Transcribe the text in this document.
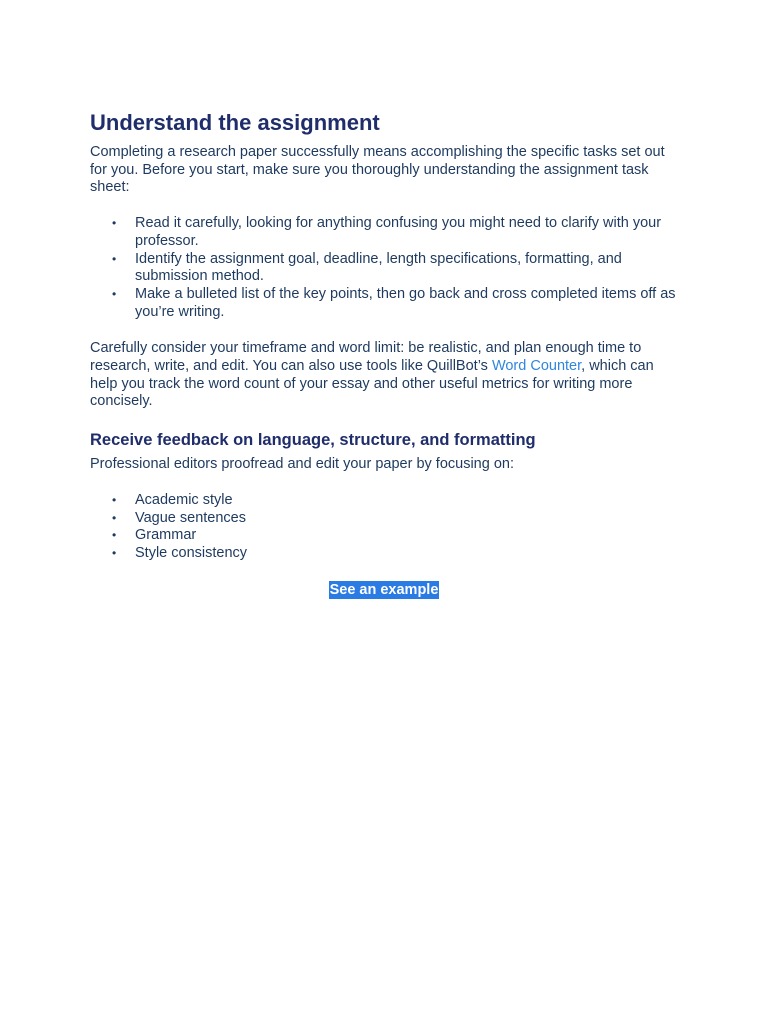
Understand the assignment

Completing a research paper successfully means accomplishing the specific tasks set out for you. Before you start, make sure you thoroughly understanding the assignment task sheet:

• Read it carefully, looking for anything confusing you might need to clarify with your professor.
• Identify the assignment goal, deadline, length specifications, formatting, and submission method.
• Make a bulleted list of the key points, then go back and cross completed items off as you’re writing.

Carefully consider your timeframe and word limit: be realistic, and plan enough time to research, write, and edit. You can also use tools like QuillBot’s Word Counter, which can help you track the word count of your essay and other useful metrics for writing more concisely.

Receive feedback on language, structure, and formatting

Professional editors proofread and edit your paper by focusing on:

• Academic style
• Vague sentences
• Grammar
• Style consistency
See an example
